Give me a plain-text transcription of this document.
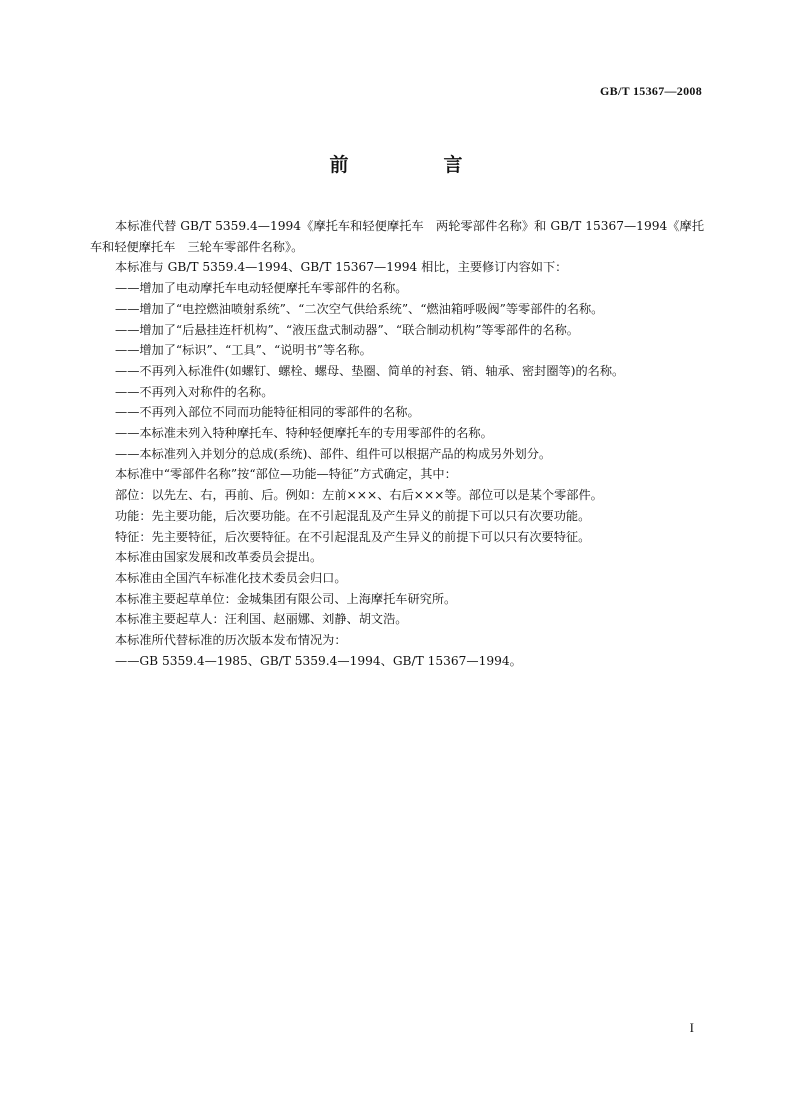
GB/T 15367—2008
前　言

本标准代替 GB/T 5359.4—1994《摩托车和轻便摩托车　两轮零部件名称》和 GB/T 15367—1994《摩托车和轻便摩托车　三轮车零部件名称》。

本标准与 GB/T 5359.4—1994、GB/T 15367—1994 相比，主要修订内容如下：

——增加了电动摩托车电动轻便摩托车零部件的名称。

——增加了“电控燃油喷射系统”、“二次空气供给系统”、“燃油箱呼吸阀”等零部件的名称。

——增加了“后悬挂连杆机构”、“液压盘式制动器”、“联合制动机构”等零部件的名称。

——增加了“标识”、“工具”、“说明书”等名称。

——不再列入标准件(如螺钉、螺栓、螺母、垫圈、简单的衬套、销、轴承、密封圈等)的名称。

——不再列入对称件的名称。

——不再列入部位不同而功能特征相同的零部件的名称。

——本标准未列入特种摩托车、特种轻便摩托车的专用零部件的名称。

——本标准列入并划分的总成(系统)、部件、组件可以根据产品的构成另外划分。

本标准中“零部件名称”按“部位—功能—特征”方式确定，其中：

部位：以先左、右，再前、后。例如：左前×××、右后×××等。部位可以是某个零部件。

功能：先主要功能，后次要功能。在不引起混乱及产生异义的前提下可以只有次要功能。

特征：先主要特征，后次要特征。在不引起混乱及产生异义的前提下可以只有次要特征。

本标准由国家发展和改革委员会提出。

本标准由全国汽车标准化技术委员会归口。

本标准主要起草单位：金城集团有限公司、上海摩托车研究所。

本标准主要起草人：汪利国、赵丽娜、刘静、胡文浩。

本标准所代替标准的历次版本发布情况为：

——GB 5359.4—1985、GB/T 5359.4—1994、GB/T 15367—1994。

I
